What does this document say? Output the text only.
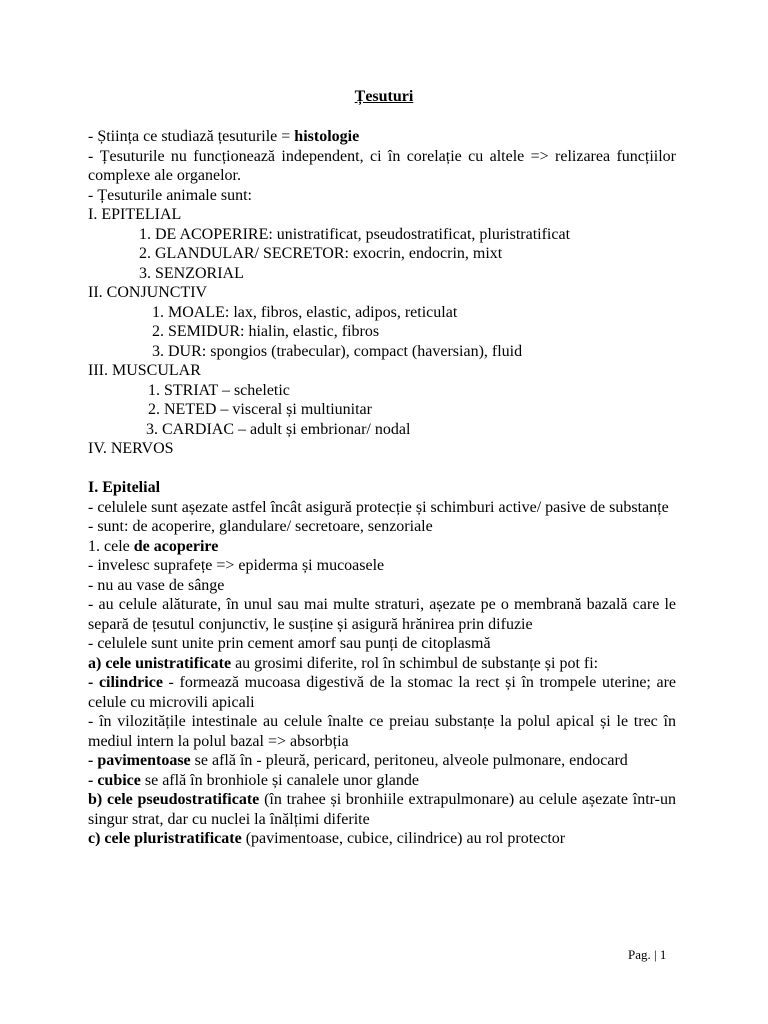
Țesuturi

- Știința ce studiază țesuturile = histologie

- Țesuturile nu funcționează independent, ci în corelație cu altele => relizarea funcțiilor complexe ale organelor.

- Țesuturile animale sunt:

I. EPITELIAL

1. DE ACOPERIRE: unistratificat, pseudostratificat, pluristratificat

2. GLANDULAR/ SECRETOR: exocrin, endocrin, mixt

3. SENZORIAL

II. CONJUNCTIV

1. MOALE: lax, fibros, elastic, adipos, reticulat

2. SEMIDUR: hialin, elastic, fibros

3. DUR: spongios (trabecular), compact (haversian), fluid

III. MUSCULAR

1. STRIAT – scheletic

2. NETED – visceral și multiunitar

3. CARDIAC – adult și embrionar/ nodal

IV. NERVOS

I. Epitelial

- celulele sunt așezate astfel încât asigură protecție și schimburi active/ pasive de substanțe

- sunt: de acoperire, glandulare/ secretoare, senzoriale

1. cele de acoperire

- invelesc suprafețe => epiderma și mucoasele

- nu au vase de sânge

- au celule alăturate, în unul sau mai multe straturi, așezate pe o membrană bazală care le separă de țesutul conjunctiv, le susține și asigură hrănirea prin difuzie

- celulele sunt unite prin cement amorf sau punți de citoplasmă

a) cele unistratificate au grosimi diferite, rol în schimbul de substanțe și pot fi:

- cilindrice - formează mucoasa digestivă de la stomac la rect și în trompele uterine; are celule cu microvili apicali

- în vilozitățile intestinale au celule înalte ce preiau substanțe la polul apical și le trec în mediul intern la polul bazal => absorbția

- pavimentoase se află în - pleură, pericard, peritoneu, alveole pulmonare, endocard

- cubice se află în bronhiole și canalele unor glande

b) cele pseudostratificate (în trahee și bronhiile extrapulmonare) au celule așezate într-un singur strat, dar cu nuclei la înălțimi diferite

c) cele pluristratificate (pavimentoase, cubice, cilindrice) au rol protector

Pag. | 1
